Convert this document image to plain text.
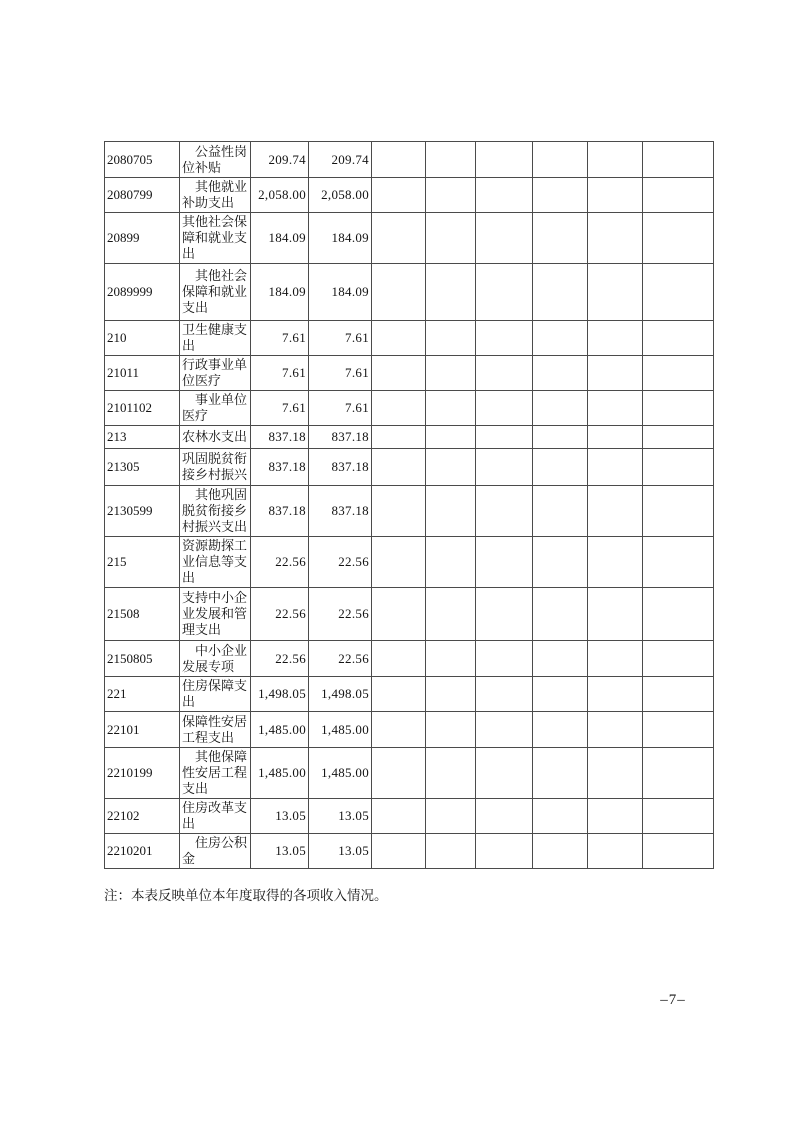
2080705	　公益性岗位补贴	209.74	209.74						
2080799	　其他就业补助支出	2,058.00	2,058.00						
20899	其他社会保障和就业支出	184.09	184.09						
2089999	　其他社会保障和就业支出	184.09	184.09						
210	卫生健康支出	7.61	7.61						
21011	行政事业单位医疗	7.61	7.61						
2101102	　事业单位医疗	7.61	7.61						
213	农林水支出	837.18	837.18						
21305	巩固脱贫衔接乡村振兴	837.18	837.18						
2130599	　其他巩固脱贫衔接乡村振兴支出	837.18	837.18						
215	资源勘探工业信息等支出	22.56	22.56						
21508	支持中小企业发展和管理支出	22.56	22.56						
2150805	　中小企业发展专项	22.56	22.56						
221	住房保障支出	1,498.05	1,498.05						
22101	保障性安居工程支出	1,485.00	1,485.00						
2210199	　其他保障性安居工程支出	1,485.00	1,485.00						
22102	住房改革支出	13.05	13.05						
2210201	　住房公积金	13.05	13.05						

注：本表反映单位本年度取得的各项收入情况。

–7–
